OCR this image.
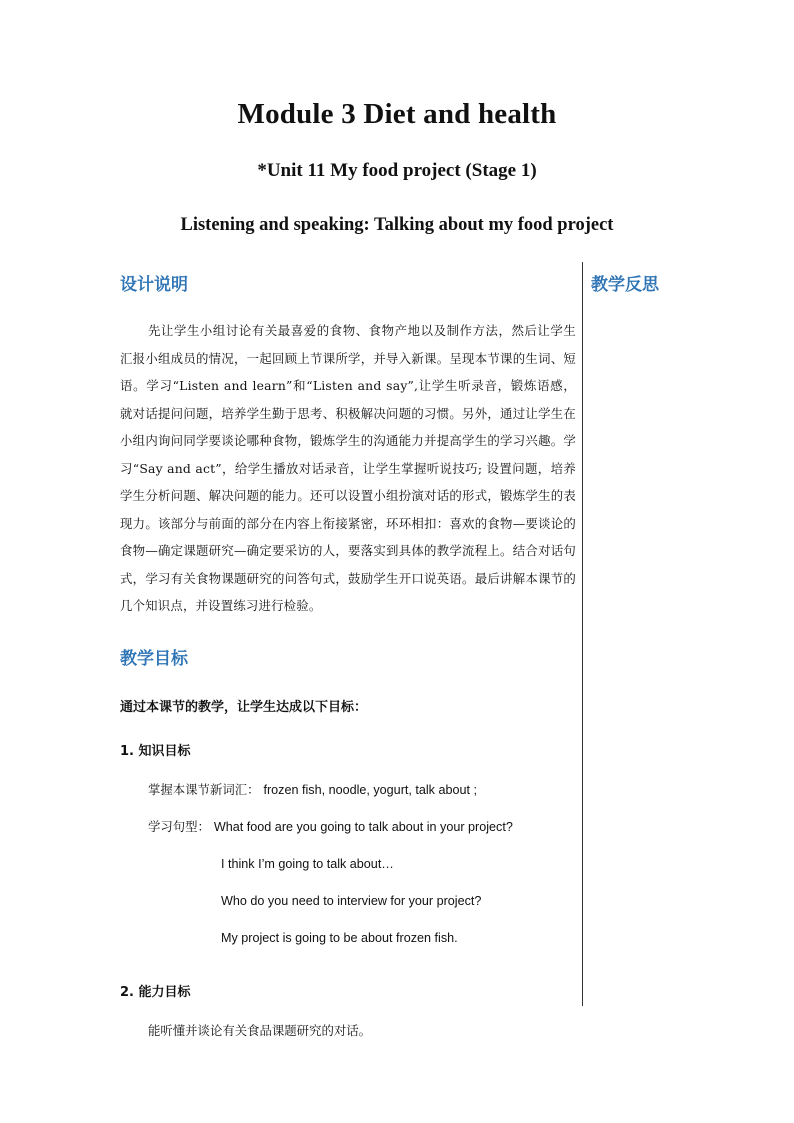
Module 3 Diet and health
*Unit 11 My food project (Stage 1)
Listening and speaking: Talking about my food project
教学反思
设计说明

先让学生小组讨论有关最喜爱的食物、食物产地以及制作方法，然后让学生汇报小组成员的情况，一起回顾上节课所学，并导入新课。呈现本节课的生词、短语。学习“Listen and learn”和“Listen and say”,让学生听录音，锻炼语感，就对话提问问题，培养学生勤于思考、积极解决问题的习惯。另外，通过让学生在小组内询问同学要谈论哪种食物，锻炼学生的沟通能力并提高学生的学习兴趣。学习“Say and act”，给学生播放对话录音，让学生掌握听说技巧; 设置问题，培养学生分析问题、解决问题的能力。还可以设置小组扮演对话的形式，锻炼学生的表现力。该部分与前面的部分在内容上衔接紧密，环环相扣：喜欢的食物—要谈论的食物—确定课题研究—确定要采访的人，要落实到具体的教学流程上。结合对话句式，学习有关食物课题研究的问答句式，鼓励学生开口说英语。最后讲解本课节的几个知识点，并设置练习进行检验。

教学目标
通过本课节的教学，让学生达成以下目标：
1. 知识目标
掌握本课节新词汇： frozen fish, noodle, yogurt, talk about ;
学习句型： What food are you going to talk about in your project?
I think I’m going to talk about…
Who do you need to interview for your project?
My project is going to be about frozen fish.
2. 能力目标
能听懂并谈论有关食品课题研究的对话。
